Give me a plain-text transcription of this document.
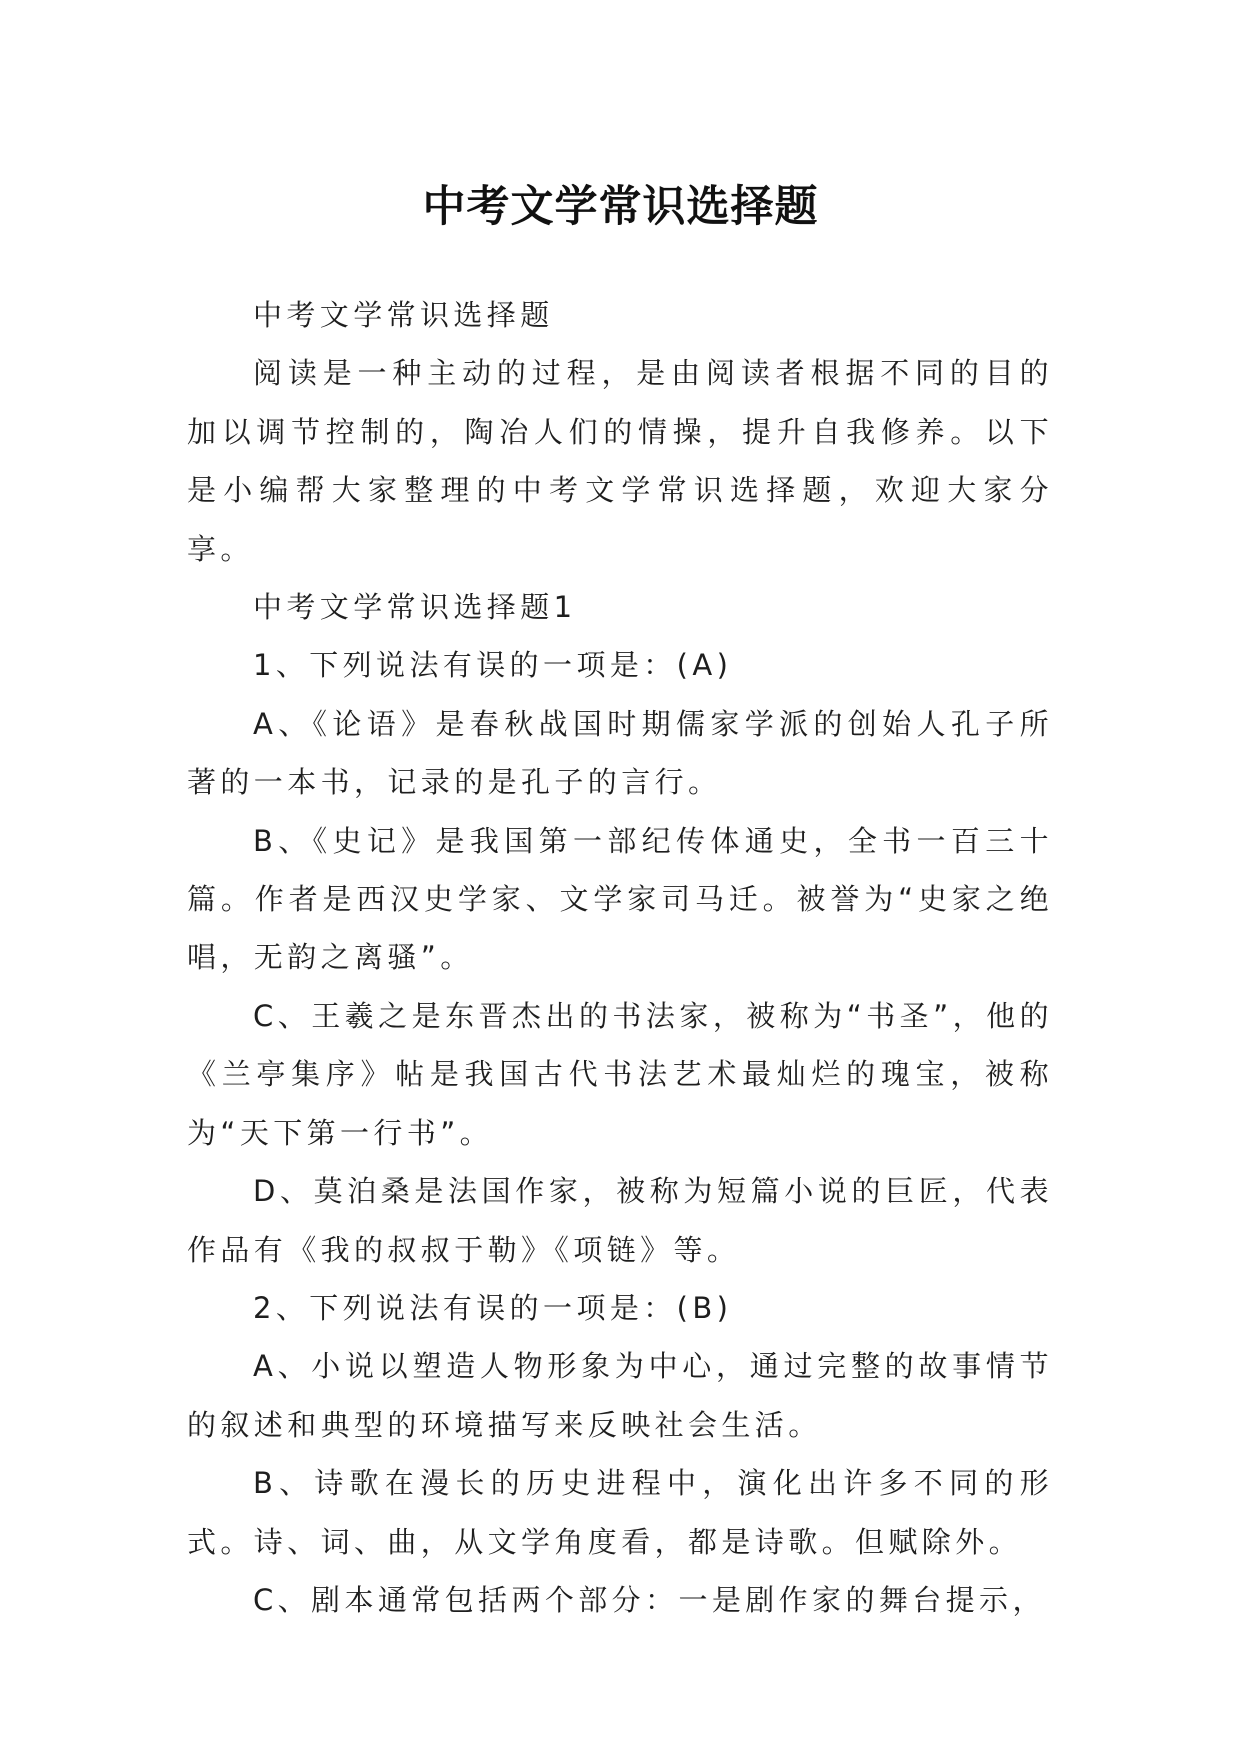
中考文学常识选择题

中考文学常识选择题

阅读是一种主动的过程，是由阅读者根据不同的目的加以调节控制的，陶冶人们的情操，提升自我修养。以下是小编帮大家整理的中考文学常识选择题，欢迎大家分享。

中考文学常识选择题1

1、下列说法有误的一项是：(A)

A、《论语》是春秋战国时期儒家学派的创始人孔子所著的一本书，记录的是孔子的言行。

B、《史记》是我国第一部纪传体通史，全书一百三十篇。作者是西汉史学家、文学家司马迁。被誉为“史家之绝唱，无韵之离骚”。

C、王羲之是东晋杰出的书法家，被称为“书圣”，他的《兰亭集序》帖是我国古代书法艺术最灿烂的瑰宝，被称为“天下第一行书”。

D、莫泊桑是法国作家，被称为短篇小说的巨匠，代表作品有《我的叔叔于勒》《项链》等。

2、下列说法有误的一项是：(B)

A、小说以塑造人物形象为中心，通过完整的故事情节的叙述和典型的环境描写来反映社会生活。

B、诗歌在漫长的历史进程中，演化出许多不同的形式。诗、词、曲，从文学角度看，都是诗歌。但赋除外。

C、剧本通常包括两个部分：一是剧作家的舞台提示，
